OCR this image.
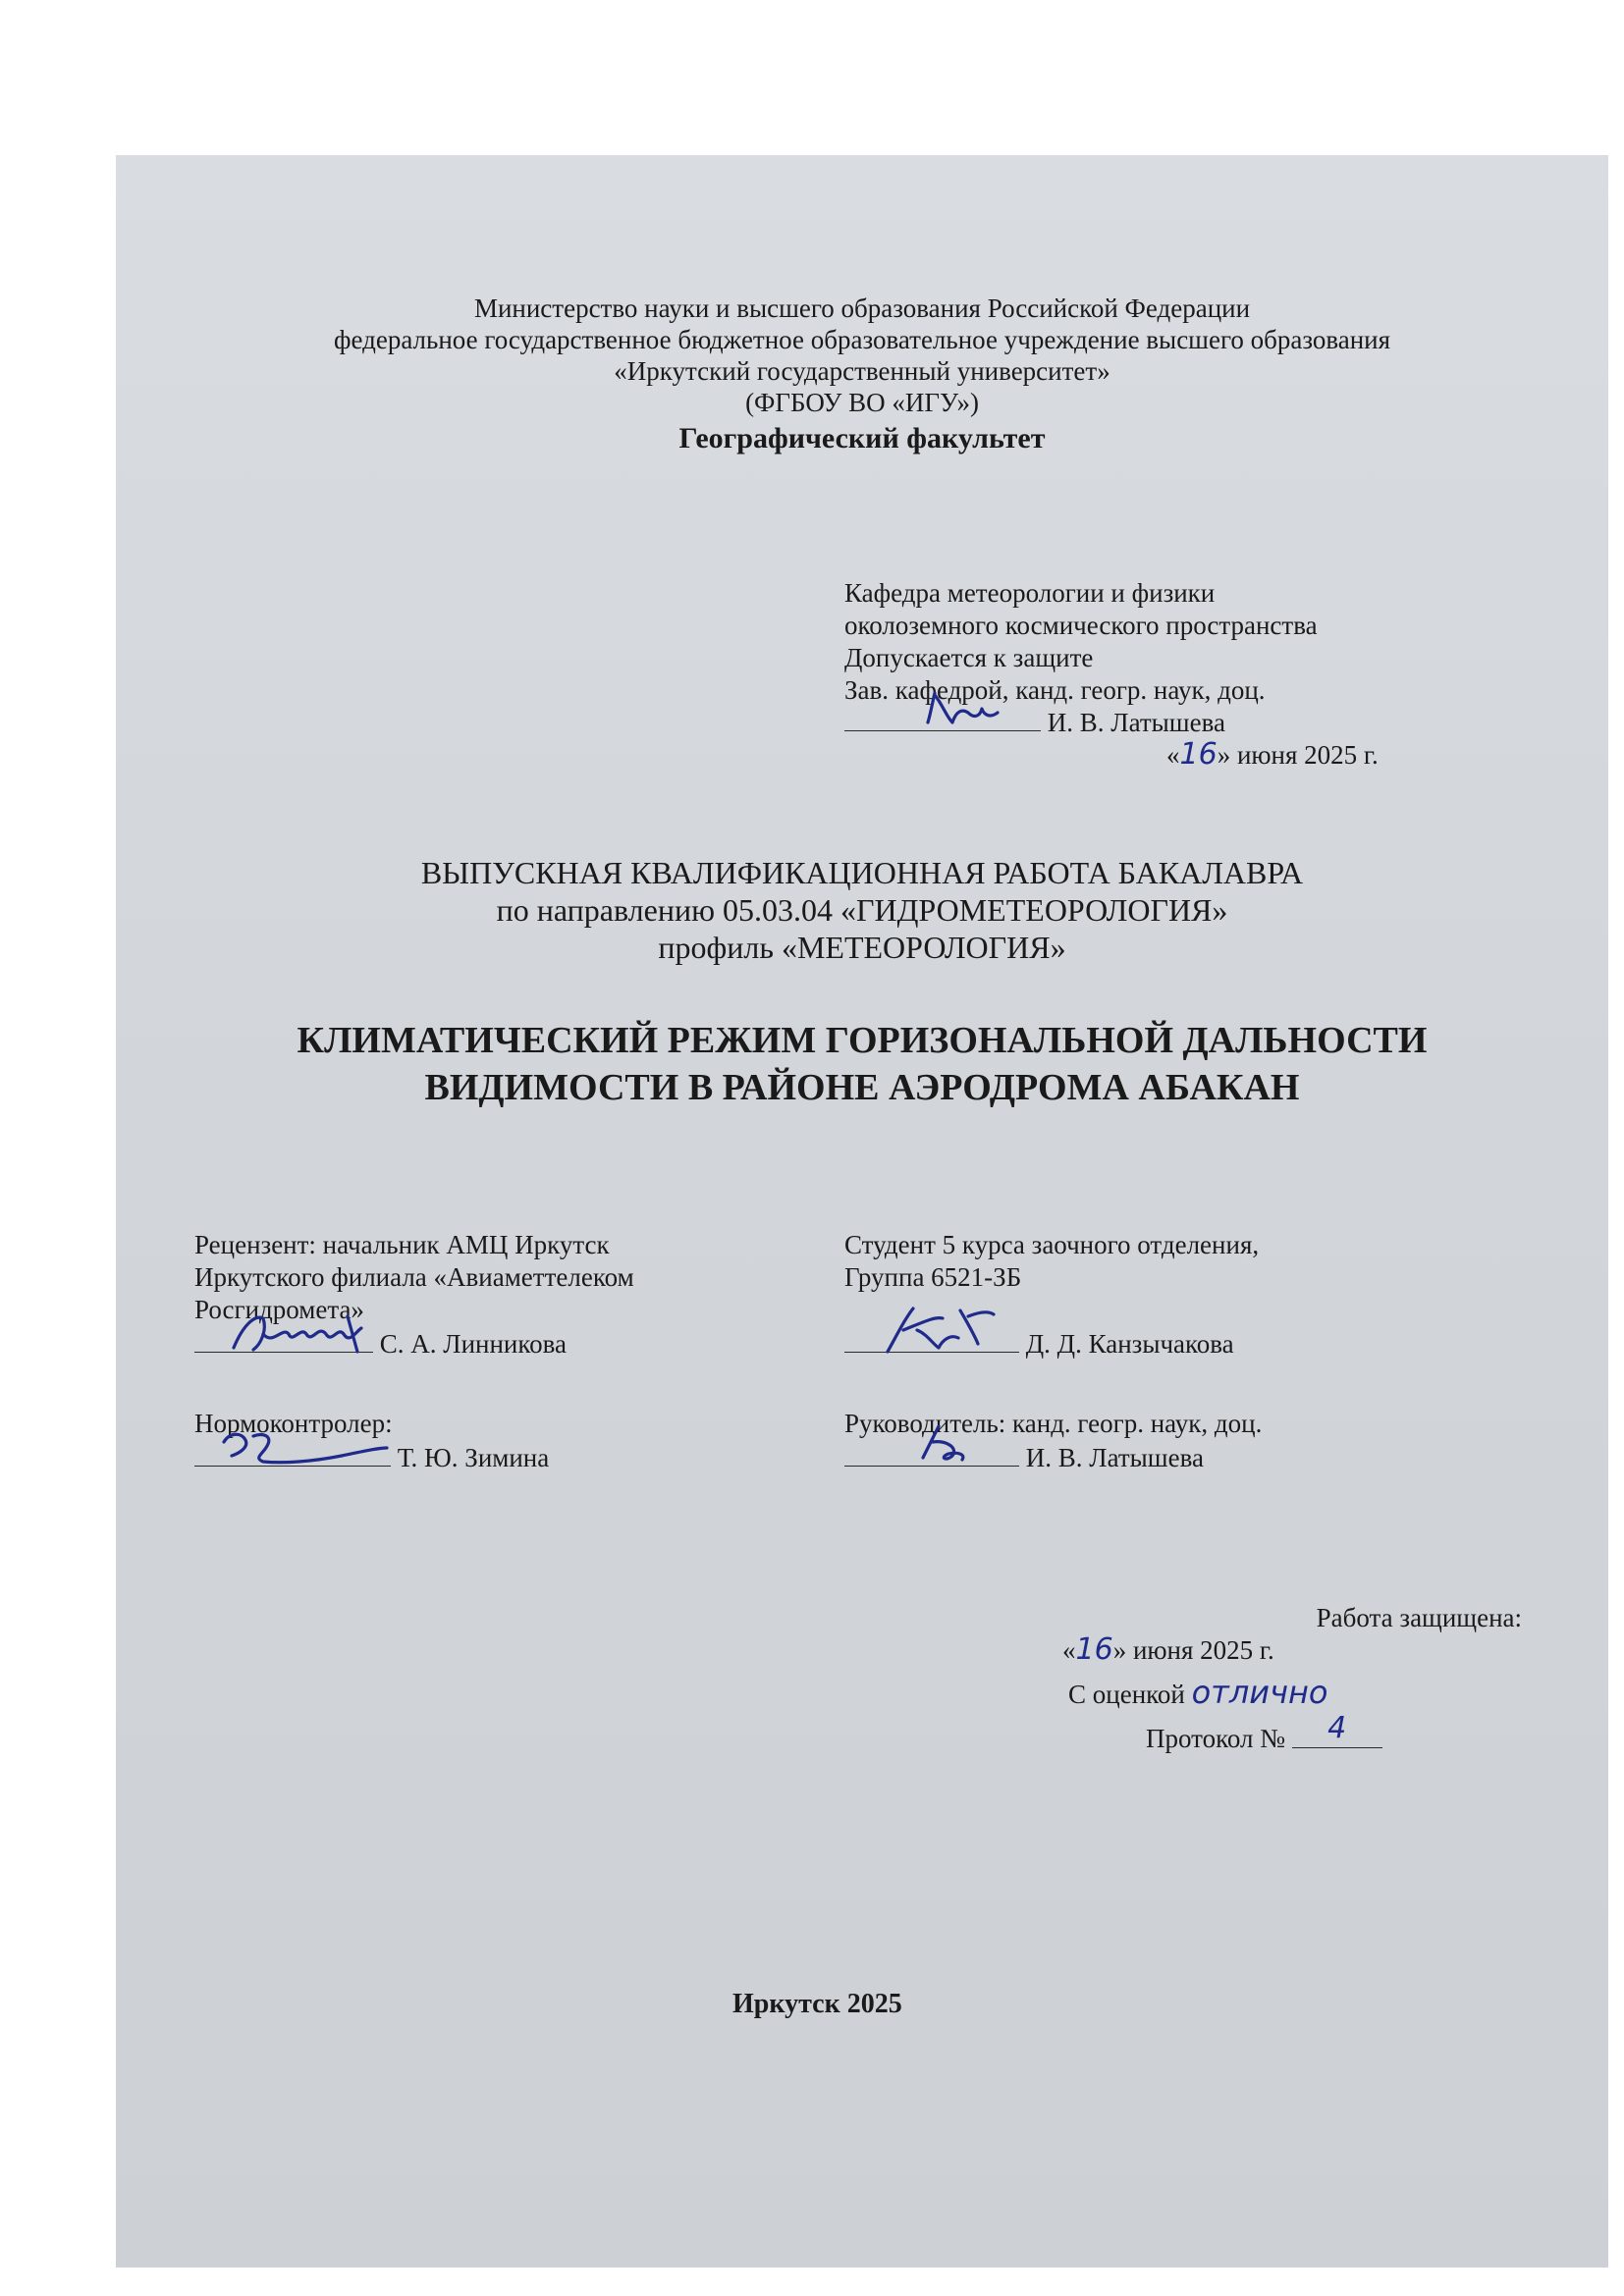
Министерство науки и высшего образования Российской Федерации
федеральное государственное бюджетное образовательное учреждение высшего образования
«Иркутский государственный университет»
(ФГБОУ ВО «ИГУ»)
Географический факультет
Кафедра метеорологии и физики
околоземного космического пространства
Допускается к защите
Зав. кафедрой, канд. геогр. наук, доц.
И. В. Латышева
«16» июня 2025 г.
ВЫПУСКНАЯ КВАЛИФИКАЦИОННАЯ РАБОТА БАКАЛАВРА
по направлению 05.03.04 «ГИДРОМЕТЕОРОЛОГИЯ»
профиль «МЕТЕОРОЛОГИЯ»
КЛИМАТИЧЕСКИЙ РЕЖИМ ГОРИЗОНАЛЬНОЙ ДАЛЬНОСТИ
ВИДИМОСТИ В РАЙОНЕ АЭРОДРОМА АБАКАН
Рецензент: начальник АМЦ Иркутск
Иркутского филиала «Авиаметтелеком
Росгидромета»
С. А. Линникова
Студент 5 курса заочного отделения,
Группа 6521-ЗБ
Д. Д. Канзычакова
Нормоконтролер:
Т. Ю. Зимина
Руководитель: канд. геогр. наук, доц.
И. В. Латышева
Работа защищена:
«16» июня 2025 г.
С оценкой отлично
Протокол № 4
Иркутск 2025
